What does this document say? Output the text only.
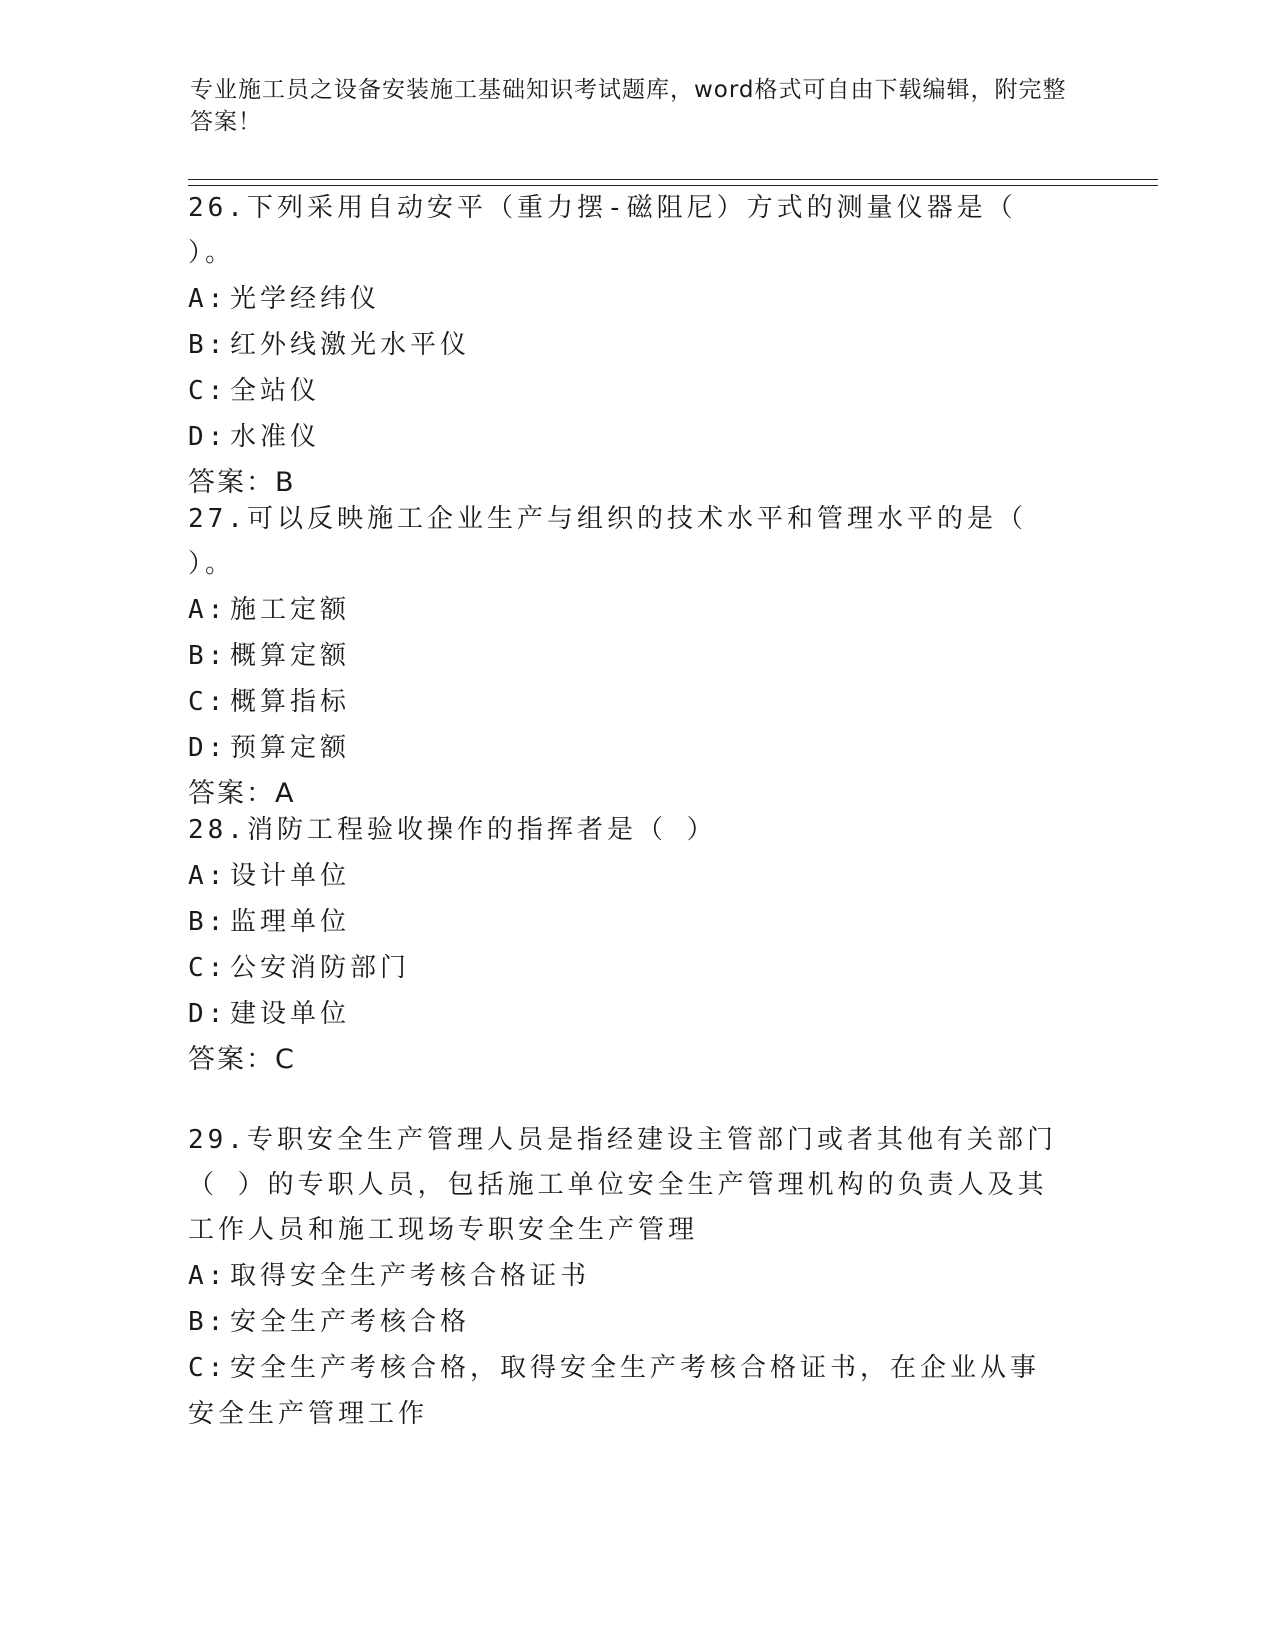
专业施工员之设备安装施工基础知识考试题库，word格式可自由下载编辑，附完整答案！

26.下列采用自动安平（重力摆-磁阻尼）方式的测量仪器是（ ）。

A: 光学经纬仪

B: 红外线激光水平仪

C: 全站仪

D: 水准仪

答案：B

27.可以反映施工企业生产与组织的技术水平和管理水平的是（ ）。

A: 施工定额

B: 概算定额

C: 概算指标

D: 预算定额

答案：A

28.消防工程验收操作的指挥者是（ ）

A: 设计单位

B: 监理单位

C: 公安消防部门

D: 建设单位

答案：C

29.专职安全生产管理人员是指经建设主管部门或者其他有关部门（ ）的专职人员，包括施工单位安全生产管理机构的负责人及其工作人员和施工现场专职安全生产管理

A: 取得安全生产考核合格证书

B: 安全生产考核合格

C: 安全生产考核合格，取得安全生产考核合格证书，在企业从事安全生产管理工作
